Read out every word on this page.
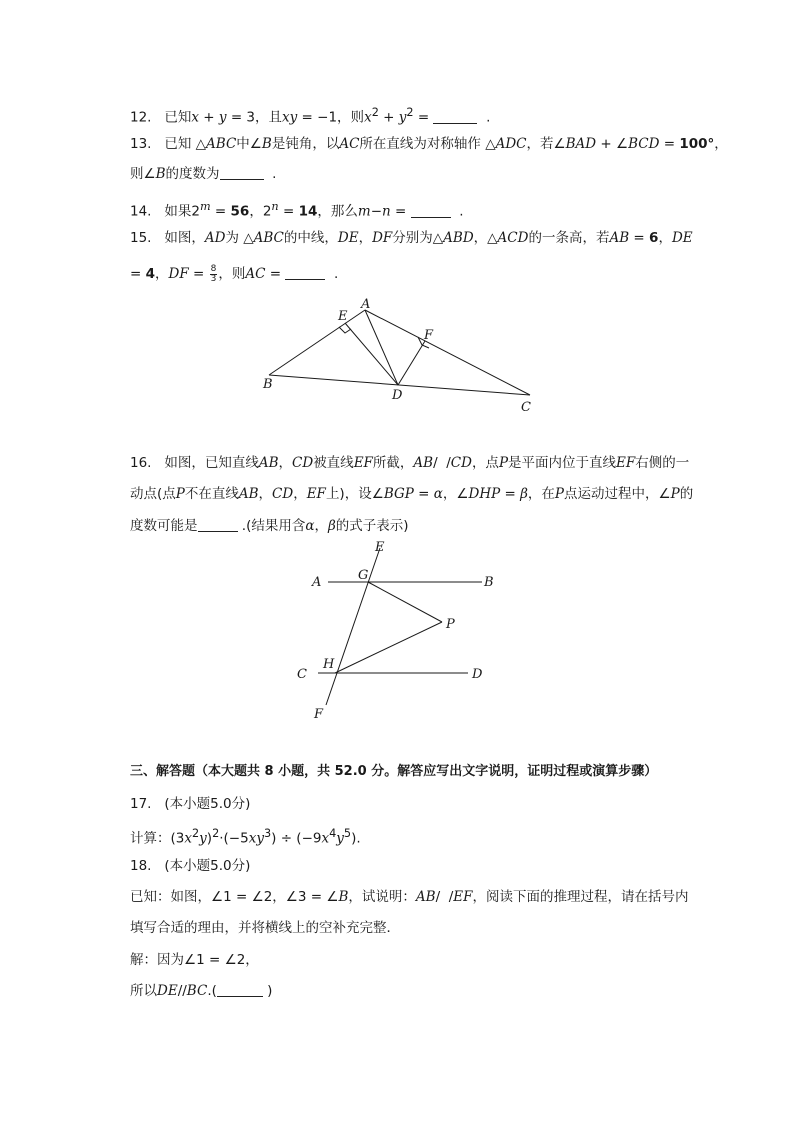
12.   已知x + y = 3，且xy = −1，则$x^2 + y^2$ =	.
13.   已知 △ABC中∠B是钝角，以AC所在直线为对称轴作 △ADC，若∠BAD + ∠BCD = 100°，
则∠B的度数为	.
14.   如果$2^m = 56$，$2^n = 14$，那么m−n =	.
15.   如图，AD为 △ABC的中线，DE，DF分别为△ABD，△ACD的一条高，若AB = 6，DE
= 4，DF = $\frac{8}{3}$ ，则AC =	.
A
B
C
D
E
F
16.   如图，已知直线AB，CD被直线EF所截，AB/  /CD，点P是平面内位于直线EF右侧的一
动点(点P不在直线AB，CD，EF上)，设∠BGP = α，∠DHP = β，在P点运动过程中，∠P的
度数可能是	.(结果用含α，β的式子表示)
E
A	G	B
P
H
C	D
F
三、解答题（本大题共 8 小题，共 52.0 分。解答应写出文字说明，证明过程或演算步骤）
17. (本小题5.0分)
计算：$(3x^2y)^2\cdot(-5xy^3) \div (-9x^4y^5)$.
18. (本小题5.0分)
已知：如图，∠1 = ∠2，∠3 = ∠B，试说明：AB/  /EF，阅读下面的推理过程，请在括号内
填写合适的理由，并将横线上的空补充完整．
解：因为∠1 = ∠2，
所以DE//BC.(	)
